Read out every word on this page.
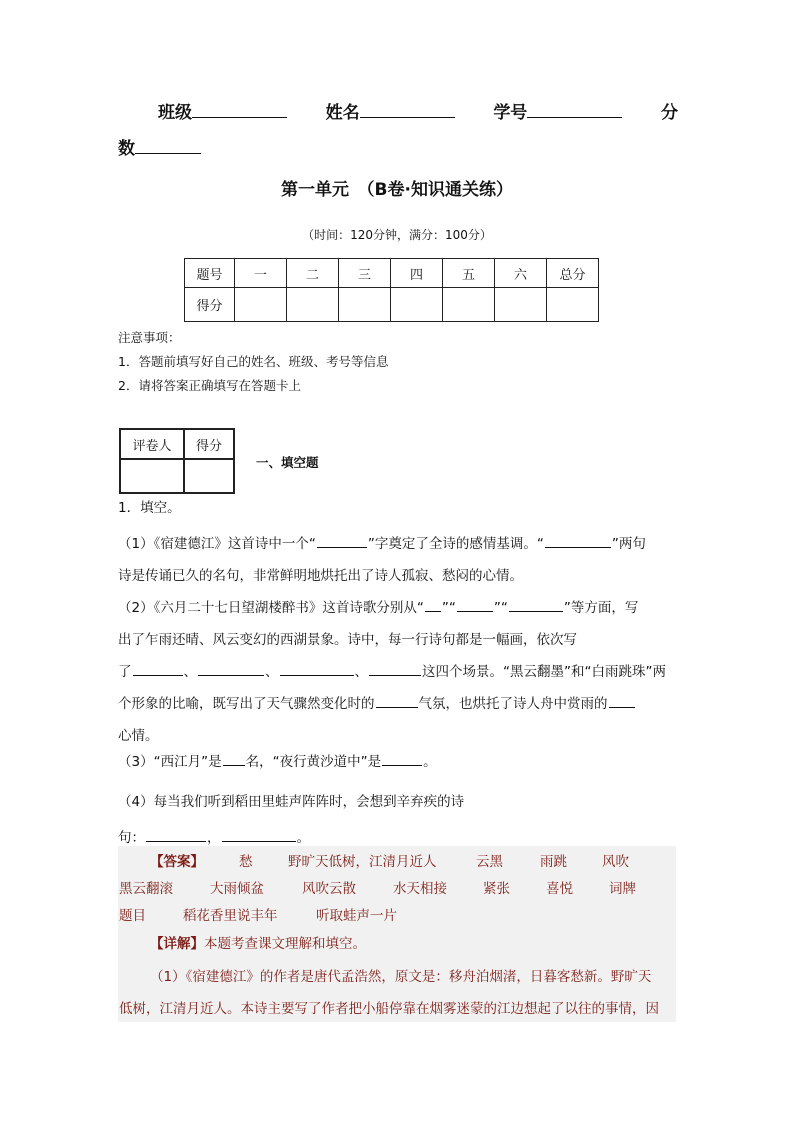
班级	姓名	学号	分
数
第一单元　（B卷·知识通关练）
（时间：120分钟，满分：100分）
题号	一	二	三	四	五	六	总分
得分							
注意事项：
1．答题前填写好自己的姓名、班级、考号等信息
2．请将答案正确填写在答题卡上
评卷人	得分

一、填空题
1．填空。
（1）《宿建德江》这首诗中一个“	”字奠定了全诗的感情基调。“	”两句
诗是传诵已久的名句，非常鲜明地烘托出了诗人孤寂、愁闷的心情。
（2）《六月二十七日望湖楼醉书》这首诗歌分别从“ ”“	”“	”等方面，写
出了乍雨还晴、风云变幻的西湖景象。诗中，每一行诗句都是一幅画，依次写
了	、	、	、	这四个场景。“黑云翻墨”和“白雨跳珠”两
个形象的比喻，既写出了天气骤然变化时的	气氛，也烘托了诗人舟中赏雨的
心情。
（3）“西江月”是 名，“夜行黄沙道中”是	。
（4）每当我们听到稻田里蛙声阵阵时，会想到辛弃疾的诗
句：	，	。
【答案】	愁	野旷天低树，江清月近人	云黑	雨跳	风吹
黑云翻滚	大雨倾盆	风吹云散	水天相接	紧张	喜悦	词牌
题目	稻花香里说丰年	听取蛙声一片
【详解】本题考查课文理解和填空。
（1）《宿建德江》的作者是唐代孟浩然，原文是：移舟泊烟渚，日暮客愁新。野旷天
低树，江清月近人。本诗主要写了作者把小船停靠在烟雾迷蒙的江边想起了以往的事情，因
